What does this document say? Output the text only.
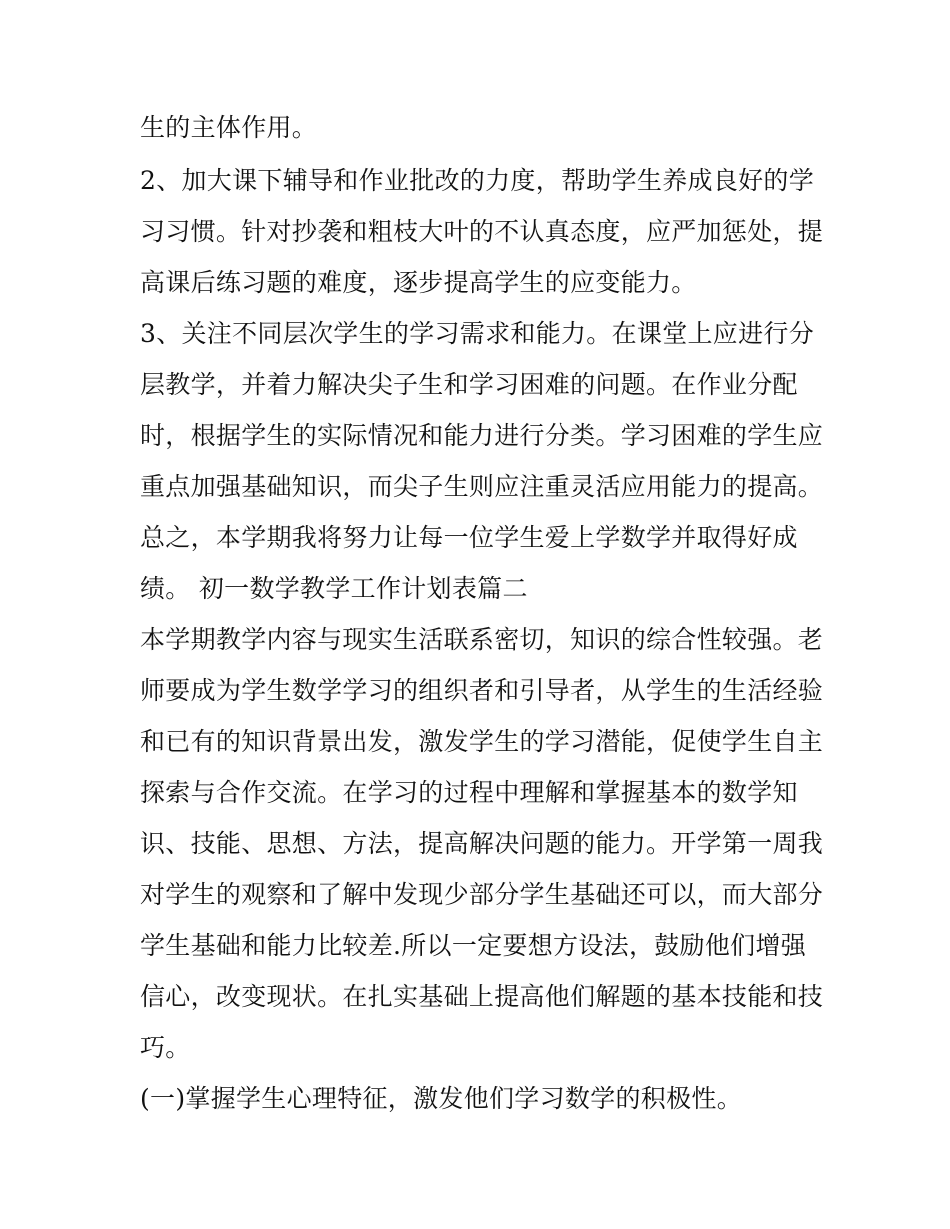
生的主体作用。
2、加大课下辅导和作业批改的力度，帮助学生养成良好的学
习习惯。针对抄袭和粗枝大叶的不认真态度，应严加惩处，提
高课后练习题的难度，逐步提高学生的应变能力。
3、关注不同层次学生的学习需求和能力。在课堂上应进行分
层教学，并着力解决尖子生和学习困难的问题。在作业分配
时，根据学生的实际情况和能力进行分类。学习困难的学生应
重点加强基础知识，而尖子生则应注重灵活应用能力的提高。
总之，本学期我将努力让每一位学生爱上学数学并取得好成
绩。 初一数学教学工作计划表篇二
本学期教学内容与现实生活联系密切，知识的综合性较强。老
师要成为学生数学学习的组织者和引导者，从学生的生活经验
和已有的知识背景出发，激发学生的学习潜能，促使学生自主
探索与合作交流。在学习的过程中理解和掌握基本的数学知
识、技能、思想、方法，提高解决问题的能力。开学第一周我
对学生的观察和了解中发现少部分学生基础还可以，而大部分
学生基础和能力比较差.所以一定要想方设法，鼓励他们增强
信心，改变现状。在扎实基础上提高他们解题的基本技能和技
巧。
(一)掌握学生心理特征，激发他们学习数学的积极性。
